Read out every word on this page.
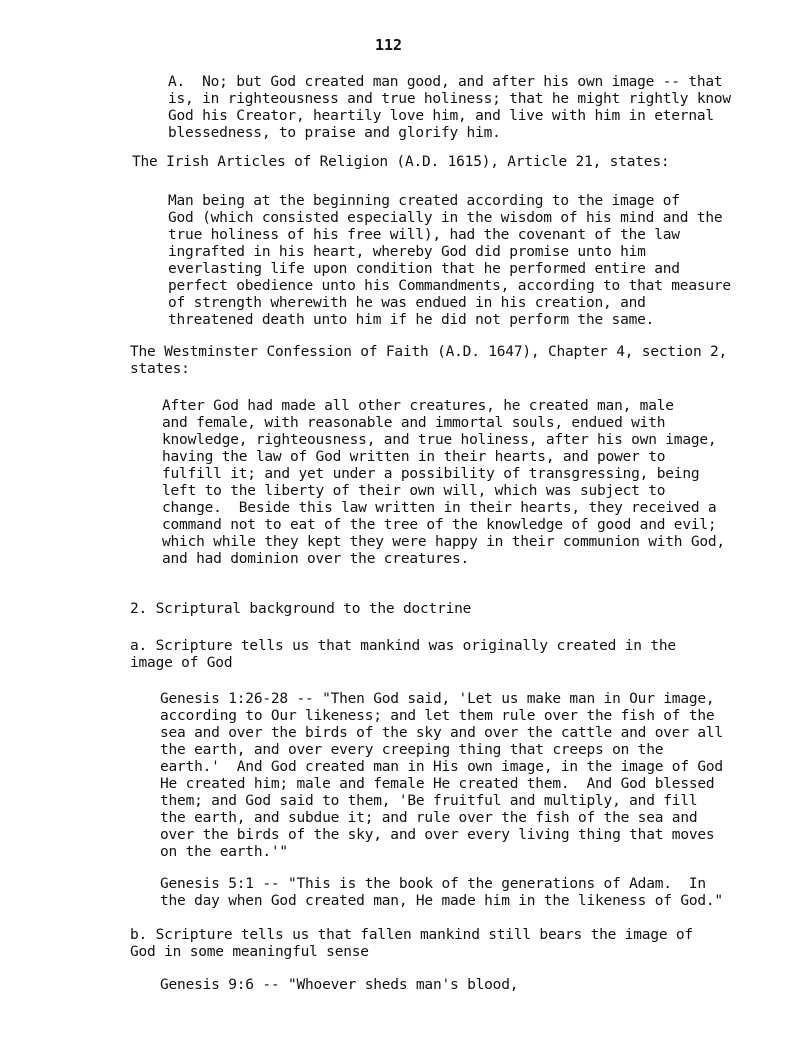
112

A.  No; but God created man good, and after his own image -- that
is, in righteousness and true holiness; that he might rightly know
God his Creator, heartily love him, and live with him in eternal
blessedness, to praise and glorify him.

The Irish Articles of Religion (A.D. 1615), Article 21, states:

Man being at the beginning created according to the image of
God (which consisted especially in the wisdom of his mind and the
true holiness of his free will), had the covenant of the law
ingrafted in his heart, whereby God did promise unto him
everlasting life upon condition that he performed entire and
perfect obedience unto his Commandments, according to that measure
of strength wherewith he was endued in his creation, and
threatened death unto him if he did not perform the same.

The Westminster Confession of Faith (A.D. 1647), Chapter 4, section 2,
states:

After God had made all other creatures, he created man, male
and female, with reasonable and immortal souls, endued with
knowledge, righteousness, and true holiness, after his own image,
having the law of God written in their hearts, and power to
fulfill it; and yet under a possibility of transgressing, being
left to the liberty of their own will, which was subject to
change.  Beside this law written in their hearts, they received a
command not to eat of the tree of the knowledge of good and evil;
which while they kept they were happy in their communion with God,
and had dominion over the creatures.

2. Scriptural background to the doctrine

a. Scripture tells us that mankind was originally created in the
image of God

Genesis 1:26-28 -- "Then God said, 'Let us make man in Our image,
according to Our likeness; and let them rule over the fish of the
sea and over the birds of the sky and over the cattle and over all
the earth, and over every creeping thing that creeps on the
earth.'  And God created man in His own image, in the image of God
He created him; male and female He created them.  And God blessed
them; and God said to them, 'Be fruitful and multiply, and fill
the earth, and subdue it; and rule over the fish of the sea and
over the birds of the sky, and over every living thing that moves
on the earth.'"

Genesis 5:1 -- "This is the book of the generations of Adam.  In
the day when God created man, He made him in the likeness of God."

b. Scripture tells us that fallen mankind still bears the image of
God in some meaningful sense

Genesis 9:6 -- "Whoever sheds man's blood,
